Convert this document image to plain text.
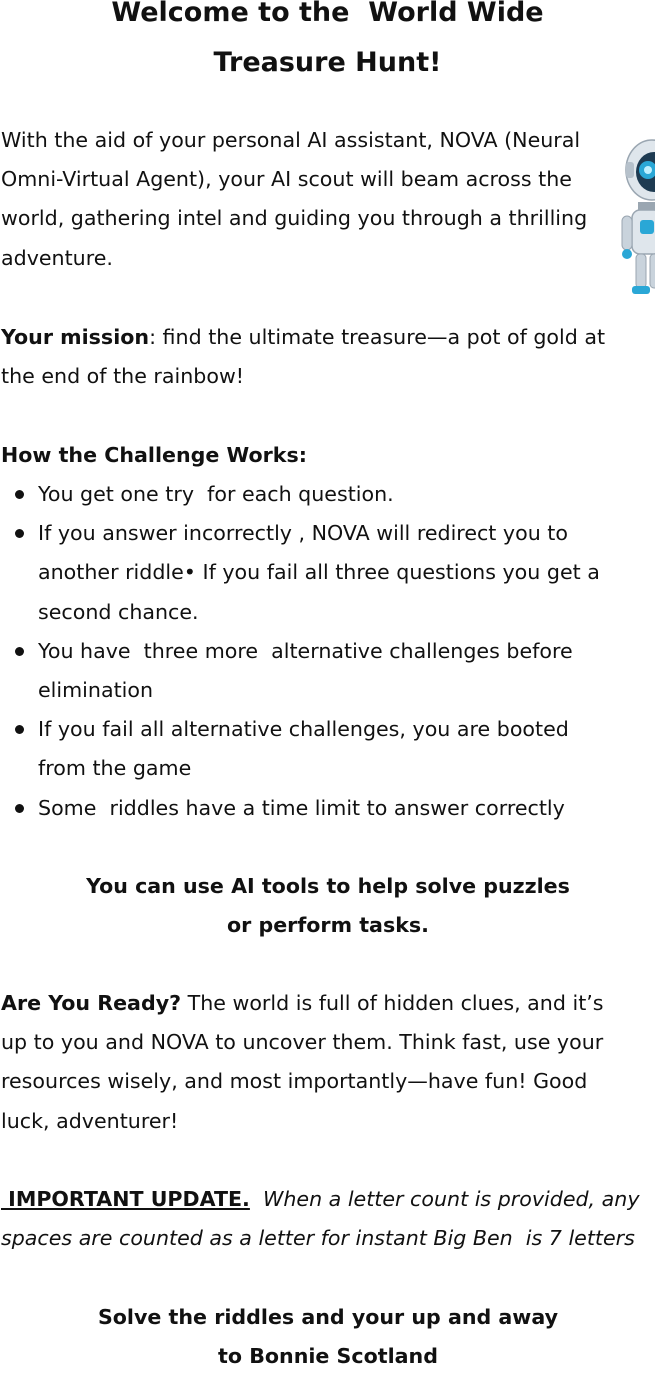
Welcome to the  World Wide
Treasure Hunt!

With the aid of your personal AI assistant, NOVA (Neural
Omni-Virtual Agent), your AI scout will beam across the
world, gathering intel and guiding you through a thrilling
adventure.

Your mission: find the ultimate treasure—a pot of gold at
the end of the rainbow!

How the Challenge Works:

You get one try  for each question.
If you answer incorrectly , NOVA will redirect you to
another riddle• If you fail all three questions you get a
second chance.
You have  three more  alternative challenges before
elimination
If you fail all alternative challenges, you are booted
from the game
Some  riddles have a time limit to answer correctly

You can use AI tools to help solve puzzles
or perform tasks.

Are You Ready? The world is full of hidden clues, and it’s
up to you and NOVA to uncover them. Think fast, use your
resources wisely, and most importantly—have fun! Good
luck, adventurer!

IMPORTANT UPDATE.  When a letter count is provided, any
spaces are counted as a letter for instant Big Ben  is 7 letters

Solve the riddles and your up and away
to Bonnie Scotland
